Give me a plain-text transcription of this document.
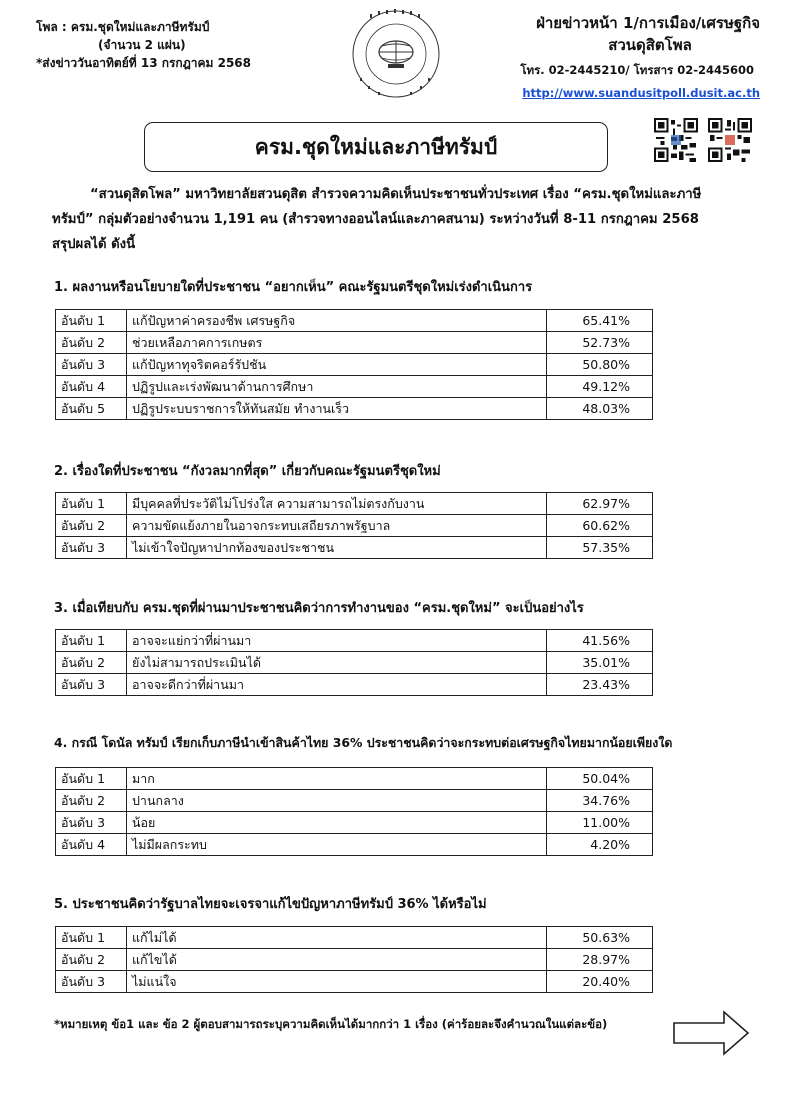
โพล : ครม.ชุดใหม่และภาษีทรัมป์
(จำนวน 2 แผ่น)
*ส่งข่าววันอาทิตย์ที่ 13 กรกฎาคม 2568
ฝ่ายข่าวหน้า 1/การเมือง/เศรษฐกิจ
สวนดุสิตโพล
โทร. 02-2445210/ โทรสาร 02-2445600
http://www.suandusitpoll.dusit.ac.th
ครม.ชุดใหม่และภาษีทรัมป์
“สวนดุสิตโพล” มหาวิทยาลัยสวนดุสิต สำรวจความคิดเห็นประชาชนทั่วประเทศ เรื่อง “ครม.ชุดใหม่และภาษี
ทรัมป์” กลุ่มตัวอย่างจำนวน 1,191 คน (สำรวจทางออนไลน์และภาคสนาม) ระหว่างวันที่ 8-11 กรกฎาคม 2568
สรุปผลได้ ดังนี้
1. ผลงานหรือนโยบายใดที่ประชาชน “อยากเห็น” คณะรัฐมนตรีชุดใหม่เร่งดำเนินการ
อันดับ 1	แก้ปัญหาค่าครองชีพ เศรษฐกิจ	65.41%
อันดับ 2	ช่วยเหลือภาคการเกษตร	52.73%
อันดับ 3	แก้ปัญหาทุจริตคอร์รัปชัน	50.80%
อันดับ 4	ปฏิรูปและเร่งพัฒนาด้านการศึกษา	49.12%
อันดับ 5	ปฏิรูประบบราชการให้ทันสมัย ทำงานเร็ว	48.03%
2. เรื่องใดที่ประชาชน “กังวลมากที่สุด” เกี่ยวกับคณะรัฐมนตรีชุดใหม่
อันดับ 1	มีบุคคลที่ประวัติไม่โปร่งใส ความสามารถไม่ตรงกับงาน	62.97%
อันดับ 2	ความขัดแย้งภายในอาจกระทบเสถียรภาพรัฐบาล	60.62%
อันดับ 3	ไม่เข้าใจปัญหาปากท้องของประชาชน	57.35%
3. เมื่อเทียบกับ ครม.ชุดที่ผ่านมาประชาชนคิดว่าการทำงานของ “ครม.ชุดใหม่” จะเป็นอย่างไร
อันดับ 1	อาจจะแย่กว่าที่ผ่านมา	41.56%
อันดับ 2	ยังไม่สามารถประเมินได้	35.01%
อันดับ 3	อาจจะดีกว่าที่ผ่านมา	23.43%
4. กรณี โดนัล ทรัมป์ เรียกเก็บภาษีนำเข้าสินค้าไทย 36% ประชาชนคิดว่าจะกระทบต่อเศรษฐกิจไทยมากน้อยเพียงใด
อันดับ 1	มาก	50.04%
อันดับ 2	ปานกลาง	34.76%
อันดับ 3	น้อย	11.00%
อันดับ 4	ไม่มีผลกระทบ	4.20%
5. ประชาชนคิดว่ารัฐบาลไทยจะเจรจาแก้ไขปัญหาภาษีทรัมป์ 36% ได้หรือไม่
อันดับ 1	แก้ไม่ได้	50.63%
อันดับ 2	แก้ไขได้	28.97%
อันดับ 3	ไม่แน่ใจ	20.40%
*หมายเหตุ ข้อ1 และ ข้อ 2 ผู้ตอบสามารถระบุความคิดเห็นได้มากกว่า 1 เรื่อง (ค่าร้อยละจึงคำนวณในแต่ละข้อ)
